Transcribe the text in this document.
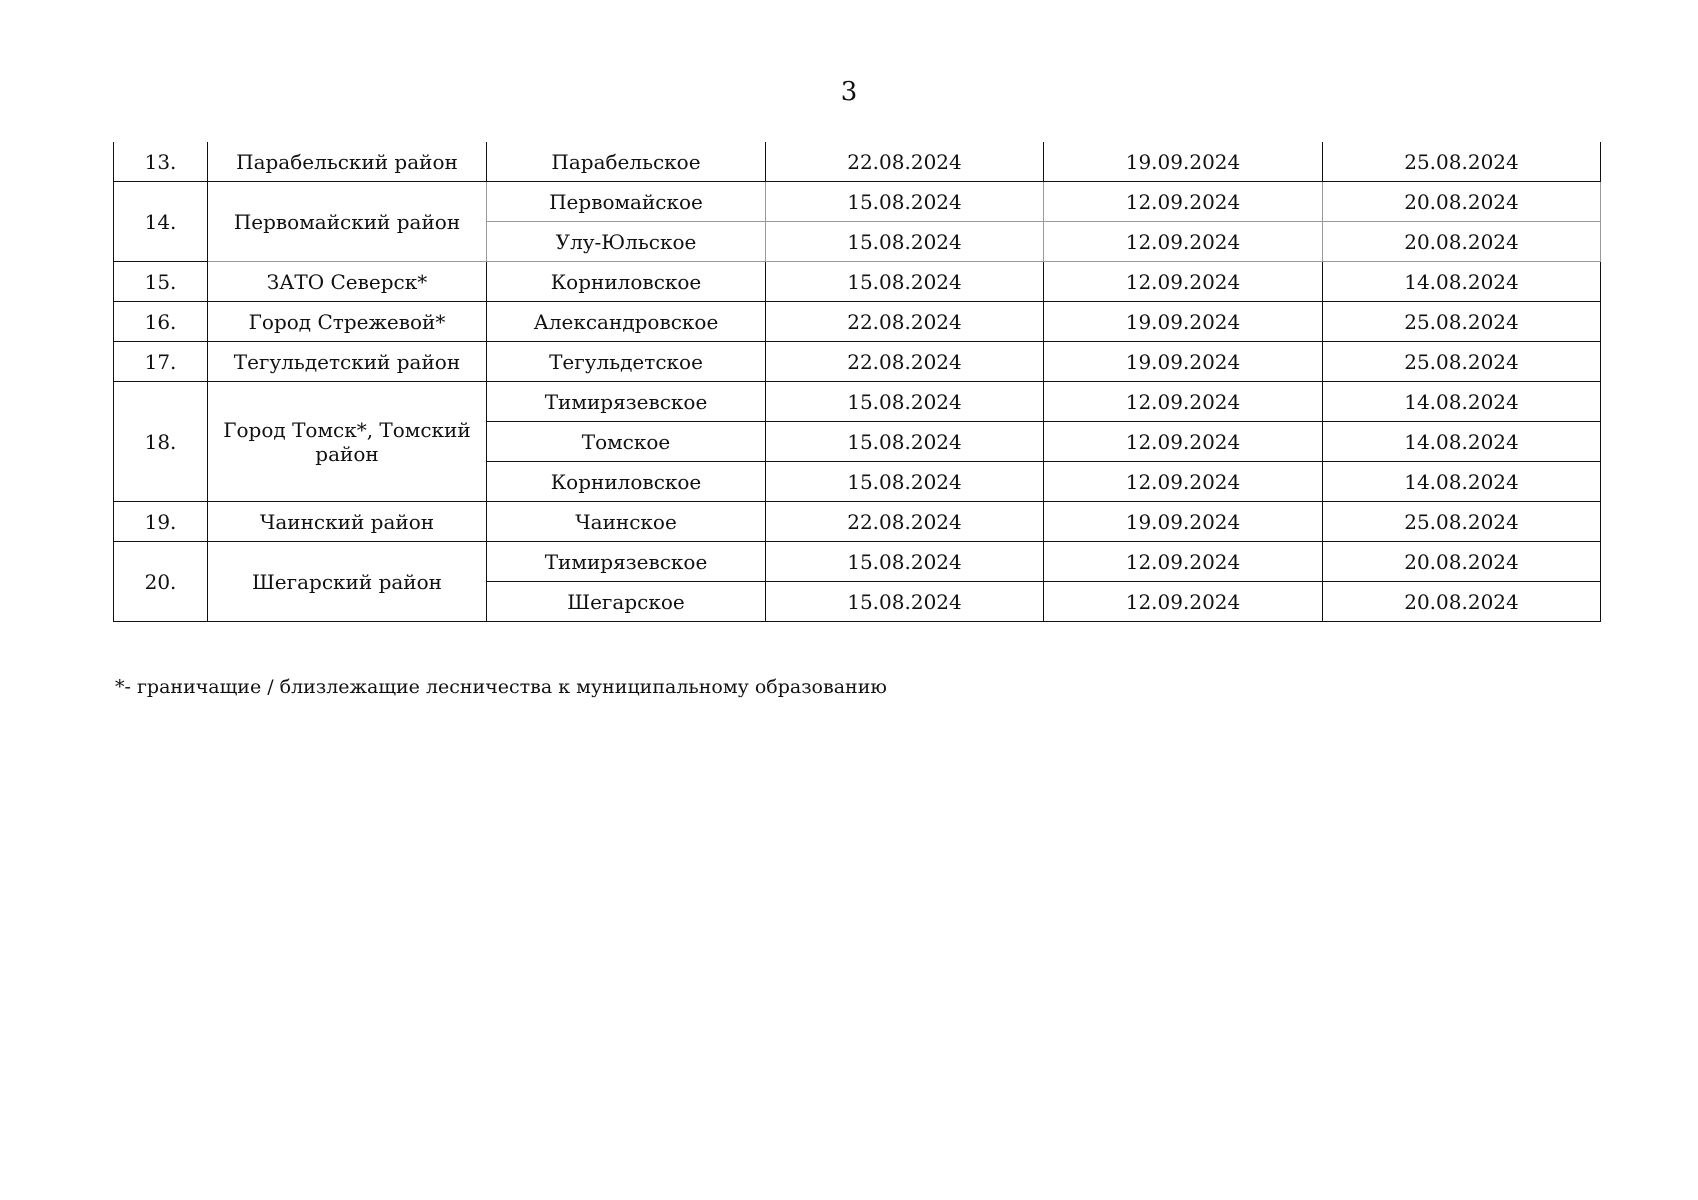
3
13.	Парабельский район	Парабельское	22.08.2024	19.09.2024	25.08.2024
14.	Первомайский район	Первомайское	15.08.2024	12.09.2024	20.08.2024
		Улу-Юльское	15.08.2024	12.09.2024	20.08.2024
15.	ЗАТО Северск*	Корниловское	15.08.2024	12.09.2024	14.08.2024
16.	Город Стрежевой*	Александровское	22.08.2024	19.09.2024	25.08.2024
17.	Тегульдетский район	Тегульдетское	22.08.2024	19.09.2024	25.08.2024
18.	Город Томск*, Томский район	Тимирязевское	15.08.2024	12.09.2024	14.08.2024
		Томское	15.08.2024	12.09.2024	14.08.2024
		Корниловское	15.08.2024	12.09.2024	14.08.2024
19.	Чаинский район	Чаинское	22.08.2024	19.09.2024	25.08.2024
20.	Шегарский район	Тимирязевское	15.08.2024	12.09.2024	20.08.2024
		Шегарское	15.08.2024	12.09.2024	20.08.2024
*- граничащие / близлежащие лесничества к муниципальному образованию
